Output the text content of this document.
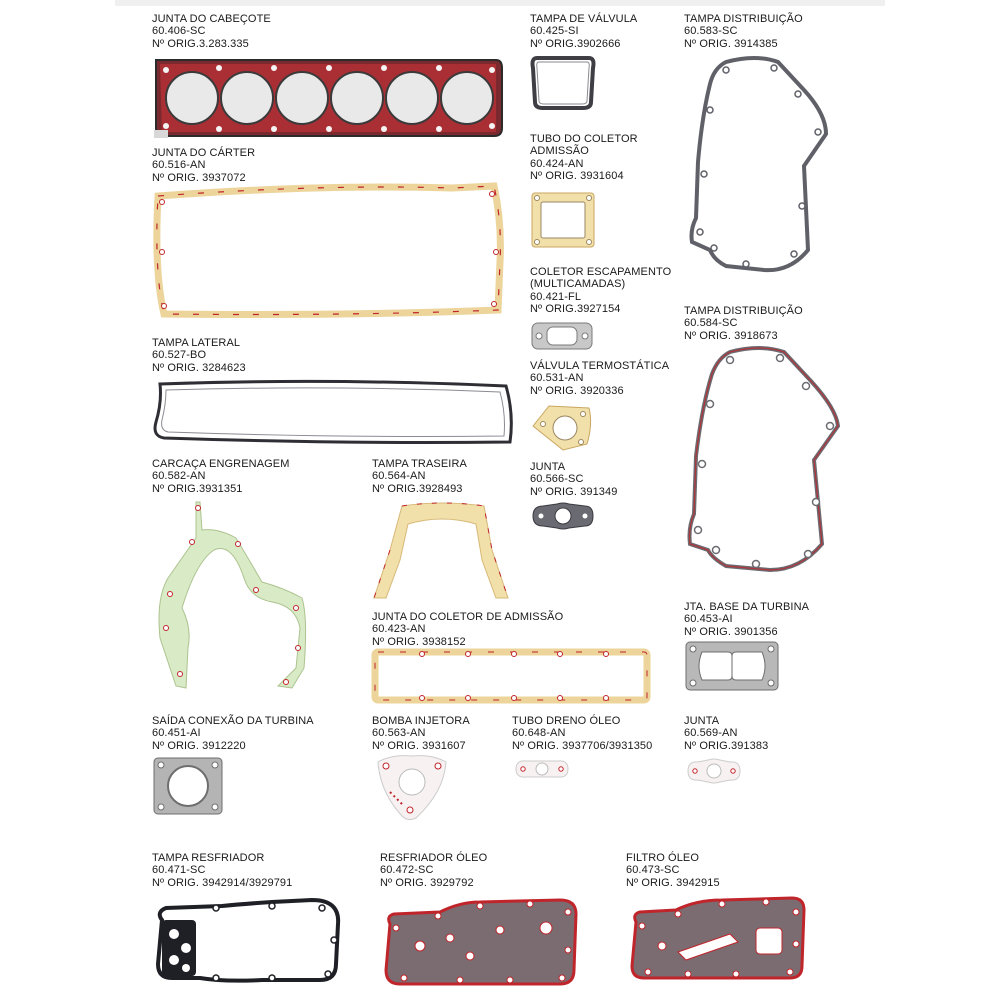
JUNTA DO CABEÇOTE
60.406-SC
Nº ORIG.3.283.335
TAMPA DE VÁLVULA
60.425-SI
Nº ORIG.3902666
TAMPA DISTRIBUIÇÃO
60.583-SC
Nº ORIG. 3914385
TUBO DO COLETOR
ADMISSÃO
60.424-AN
Nº ORIG. 3931604
JUNTA DO CÁRTER
60.516-AN
Nº ORIG. 3937072
COLETOR ESCAPAMENTO
(MULTICAMADAS)
60.421-FL
Nº ORIG.3927154	TAMPA DISTRIBUIÇÃO
60.584-SC
Nº ORIG. 3918673
TAMPA LATERAL
60.527-BO
Nº ORIG. 3284623	VÁLVULA TERMOSTÁTICA
60.531-AN
Nº ORIG. 3920336
CARCAÇA ENGRENAGEM
60.582-AN
Nº ORIG.3931351
TAMPA TRASEIRA
60.564-AN
Nº ORIG.3928493
JUNTA
60.566-SC
Nº ORIG. 391349
JUNTA DO COLETOR DE ADMISSÃO
60.423-AN
Nº ORIG. 3938152
JTA. BASE DA TURBINA
60.453-AI
Nº ORIG. 3901356
SAÍDA CONEXÃO DA TURBINA
60.451-AI
Nº ORIG. 3912220
BOMBA INJETORA
60.563-AN
Nº ORIG. 3931607
TUBO DRENO ÓLEO
60.648-AN
Nº ORIG. 3937706/3931350
JUNTA
60.569-AN
Nº ORIG.391383
TAMPA RESFRIADOR
60.471-SC
Nº ORIG. 3942914/3929791
RESFRIADOR ÓLEO
60.472-SC
Nº ORIG. 3929792
FILTRO ÓLEO
60.473-SC
Nº ORIG. 3942915
